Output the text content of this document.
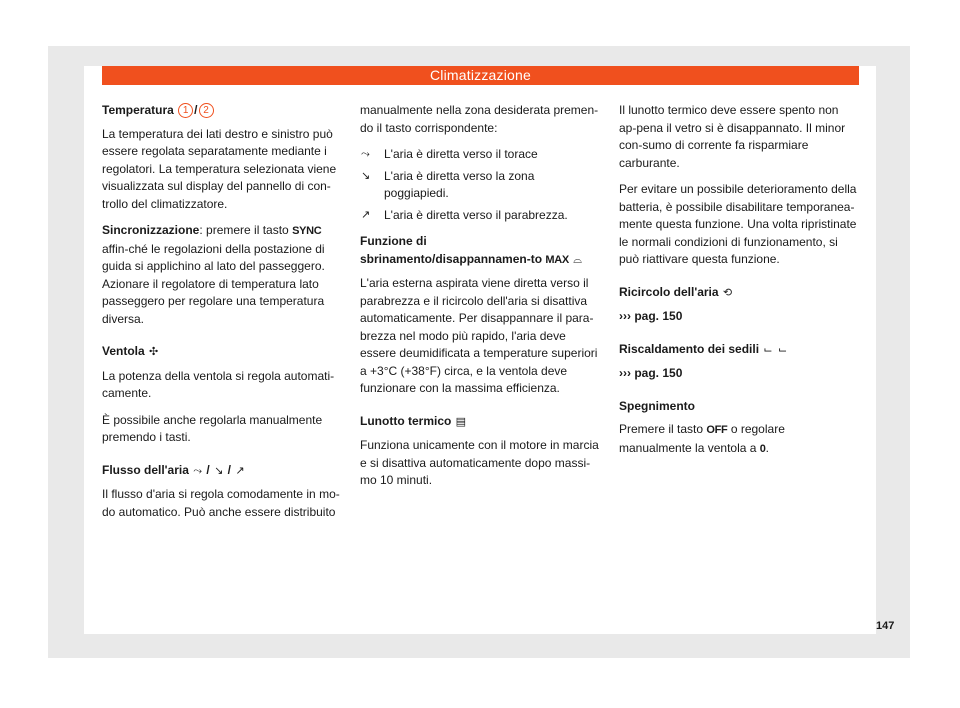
Climatizzazione
Temperatura 1 / 2

La temperatura dei lati destro e sinistro può essere regolata separatamente mediante i regolatori. La temperatura selezionata viene visualizzata sul display del pannello di con-trollo del climatizzatore.

Sincronizzazione: premere il tasto SYNC affin-ché le regolazioni della postazione di guida si applichino al lato del passeggero. Azionare il regolatore di temperatura lato passeggero per regolare una temperatura diversa.

Ventola ✣

La potenza della ventola si regola automati-camente.

È possibile anche regolarla manualmente premendo i tasti.

Flusso dell'aria ⤳ / ↘ / ↗

Il flusso d'aria si regola comodamente in mo-do automatico. Può anche essere distribuito

manualmente nella zona desiderata premen-do il tasto corrispondente:

⤳	L'aria è diretta verso il torace
↘	L'aria è diretta verso la zona poggiapiedi.
↗	L'aria è diretta verso il parabrezza.
Funzione di sbrinamento/disappannamen-to MAX ⌓

L'aria esterna aspirata viene diretta verso il parabrezza e il ricircolo dell'aria si disattiva automaticamente. Per disappannare il para-brezza nel modo più rapido, l'aria deve essere deumidificata a temperature superiori a +3°C (+38°F) circa, e la ventola deve funzionare con la massima efficienza.

Lunotto termico ▤

Funziona unicamente con il motore in marcia e si disattiva automaticamente dopo massi-mo 10 minuti.

Il lunotto termico deve essere spento non ap-pena il vetro si è disappannato. Il minor con-sumo di corrente fa risparmiare carburante.

Per evitare un possibile deterioramento della batteria, è possibile disabilitare temporanea-mente questa funzione. Una volta ripristinate le normali condizioni di funzionamento, si può riattivare questa funzione.

Ricircolo dell'aria ⟲

››› pag. 150

Riscaldamento dei sedili ⌙ ⌙

››› pag. 150

Spegnimento

Premere il tasto OFF o regolare manualmente la ventola a 0.

147
